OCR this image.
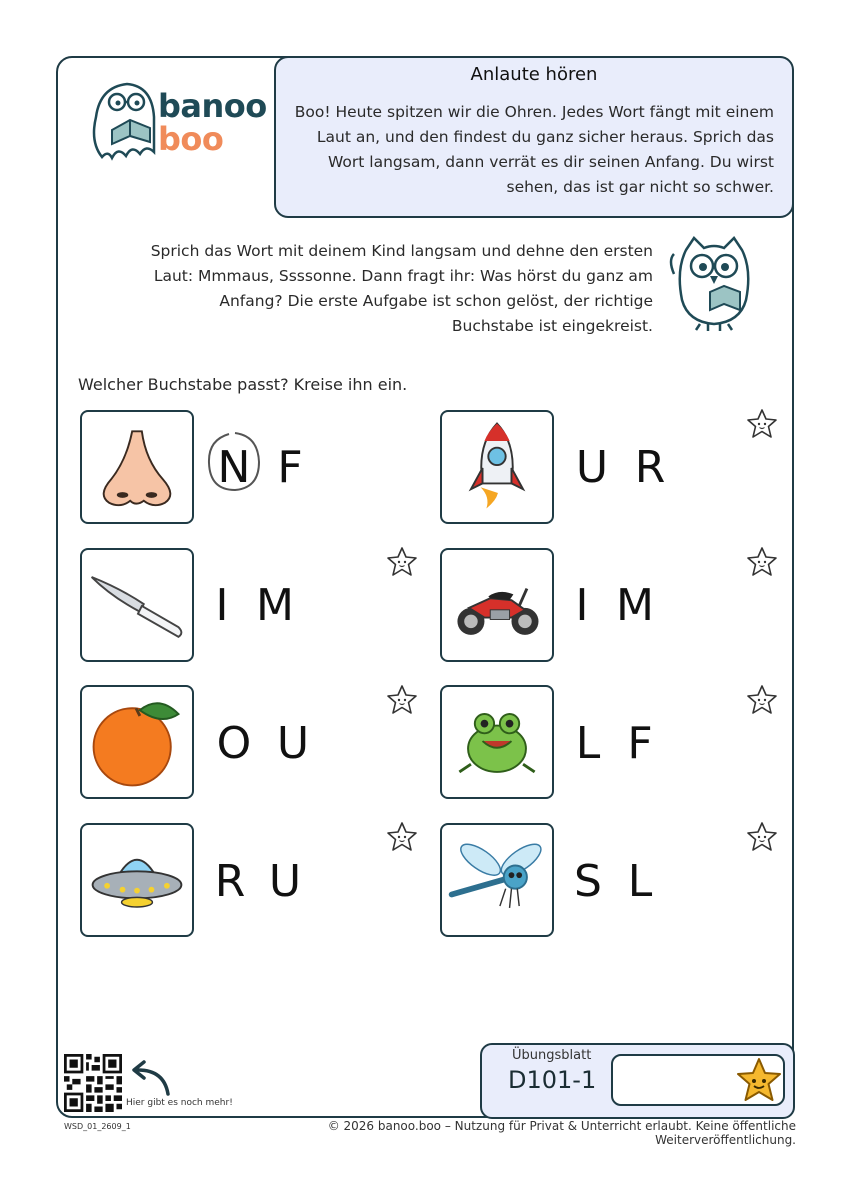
banoo
boo
Anlaute hören
Boo! Heute spitzen wir die Ohren. Jedes Wort fängt mit einem Laut an, und den findest du ganz sicher heraus. Sprich das Wort langsam, dann verrät es dir seinen Anfang. Du wirst sehen, das ist gar nicht so schwer.
Sprich das Wort mit deinem Kind langsam und dehne den ersten Laut: Mmmaus, Ssssonne. Dann fragt ihr: Was hörst du ganz am Anfang? Die erste Aufgabe ist schon gelöst, der richtige Buchstabe ist eingekreist.
Welcher Buchstabe passt? Kreise ihn ein.
N F	U R
I M	I M
O U	L F
R U	S L
Hier gibt es noch mehr!
Übungsblatt
D101-1
WSD_01_2609_1	© 2026 banoo.boo – Nutzung für Privat & Unterricht erlaubt. Keine öffentliche Weiterveröffentlichung.
